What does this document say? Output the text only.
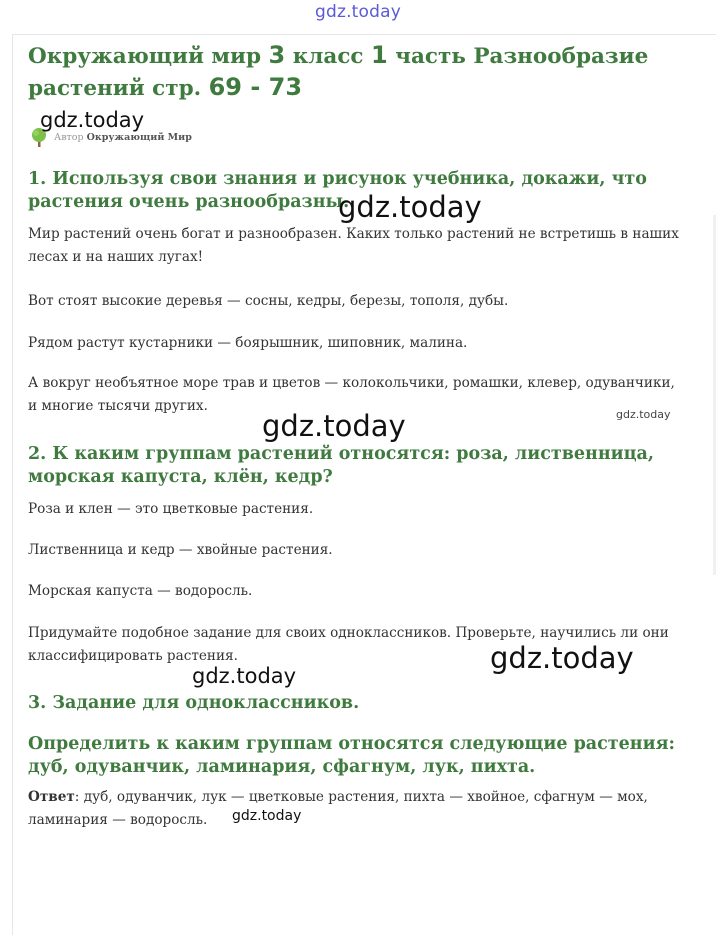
gdz.today
Окружающий мир 3 класс 1 часть Разнообразие растений стр. 69 - 73
Автор Окружающий Мир

1. Используя свои знания и рисунок учебника, докажи, что растения очень разнообразны.

Мир растений очень богат и разнообразен. Каких только растений не встретишь в наших лесах и на наших лугах!

Вот стоят высокие деревья — сосны, кедры, березы, тополя, дубы.

Рядом растут кустарники — боярышник, шиповник, малина.

А вокруг необъятное море трав и цветов — колокольчики, ромашки, клевер, одуванчики, и многие тысячи других.

2. К каким группам растений относятся: роза, лиственница, морская капуста, клён, кедр?

Роза и клен — это цветковые растения.

Лиственница и кедр — хвойные растения.

Морская капуста — водоросль.

Придумайте подобное задание для своих одноклассников. Проверьте, научились ли они классифицировать растения.

3. Задание для одноклассников.

Определить к каким группам относятся следующие растения: дуб, одуванчик, ламинария, сфагнум, лук, пихта.

Ответ: дуб, одуванчик, лук — цветковые растения, пихта — хвойное, сфагнум — мох, ламинария — водоросль.

gdz.today
gdz.today
gdz.today
gdz.today
gdz.today
gdz.today
gdz.today
